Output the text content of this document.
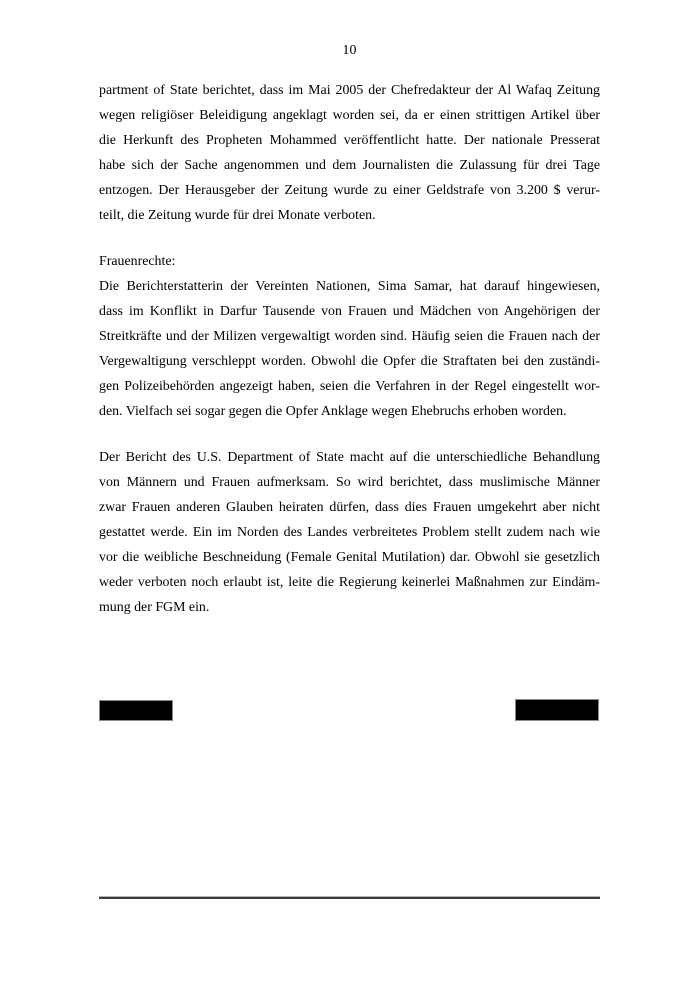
10
partment of State berichtet, dass im Mai 2005 der Chefredakteur der Al Wafaq Zeitung
wegen religiöser Beleidigung angeklagt worden sei, da er einen strittigen Artikel über
die Herkunft des Propheten Mohammed veröffentlicht hatte. Der nationale Presserat
habe sich der Sache angenommen und dem Journalisten die Zulassung für drei Tage
entzogen. Der Herausgeber der Zeitung wurde zu einer Geldstrafe von 3.200 $ verur-
teilt, die Zeitung wurde für drei Monate verboten.
Frauenrechte:
Die Berichterstatterin der Vereinten Nationen, Sima Samar, hat darauf hingewiesen,
dass im Konflikt in Darfur Tausende von Frauen und Mädchen von Angehörigen der
Streitkräfte und der Milizen vergewaltigt worden sind. Häufig seien die Frauen nach der
Vergewaltigung verschleppt worden. Obwohl die Opfer die Straftaten bei den zuständi-
gen Polizeibehörden angezeigt haben, seien die Verfahren in der Regel eingestellt wor-
den. Vielfach sei sogar gegen die Opfer Anklage wegen Ehebruchs erhoben worden.
Der Bericht des U.S. Department of State macht auf die unterschiedliche Behandlung
von Männern und Frauen aufmerksam. So wird berichtet, dass muslimische Männer
zwar Frauen anderen Glauben heiraten dürfen, dass dies Frauen umgekehrt aber nicht
gestattet werde. Ein im Norden des Landes verbreitetes Problem stellt zudem nach wie
vor die weibliche Beschneidung (Female Genital Mutilation) dar. Obwohl sie gesetzlich
weder verboten noch erlaubt ist, leite die Regierung keinerlei Maßnahmen zur Eindäm-
mung der FGM ein.
